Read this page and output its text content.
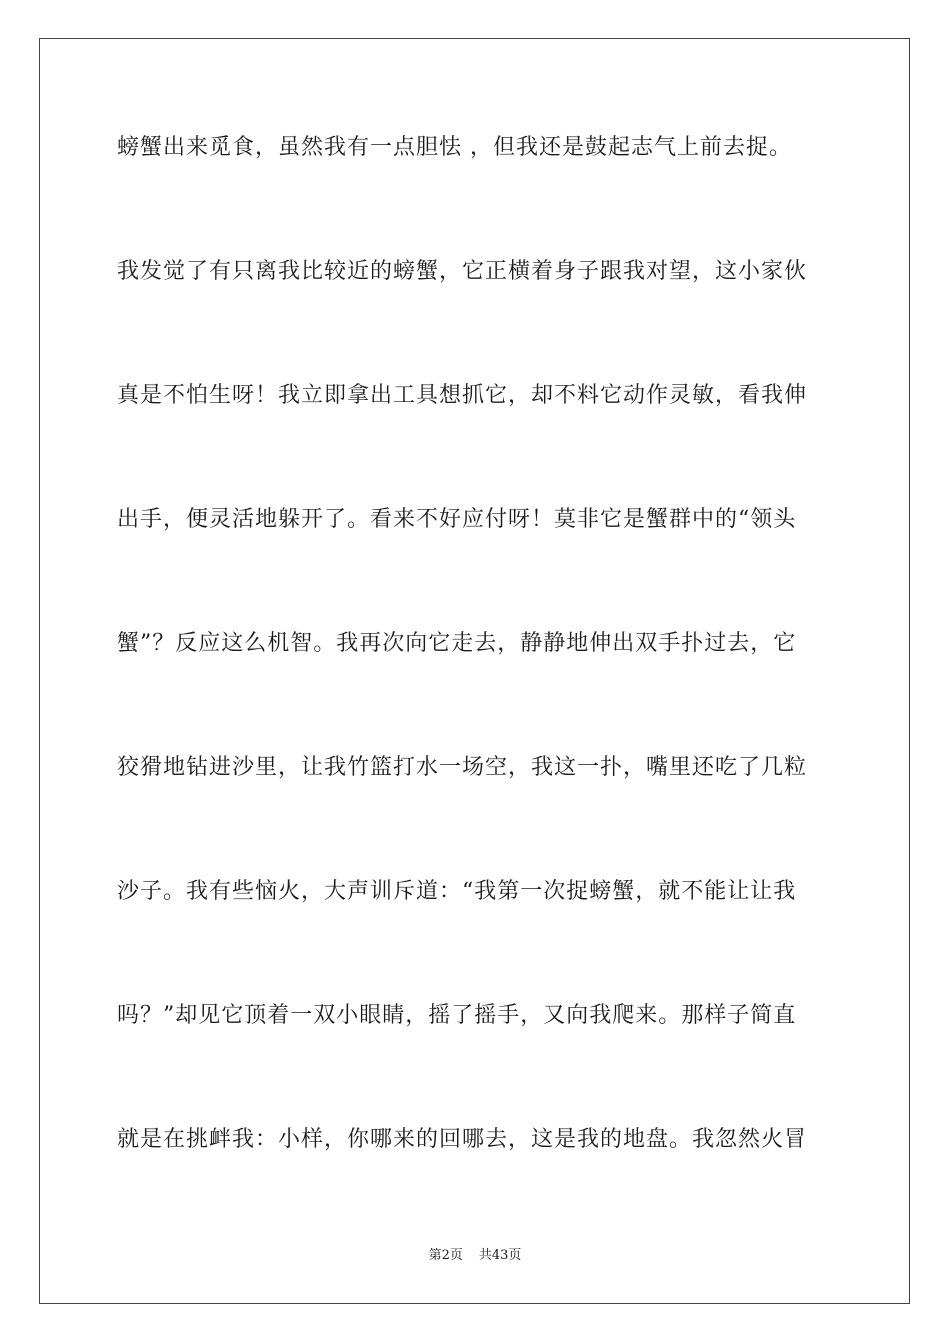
螃蟹出来觅食，虽然我有一点胆怯 ，但我还是鼓起志气上前去捉。
我发觉了有只离我比较近的螃蟹，它正横着身子跟我对望，这小家伙
真是不怕生呀！我立即拿出工具想抓它，却不料它动作灵敏，看我伸
出手，便灵活地躲开了。看来不好应付呀！莫非它是蟹群中的“领头
蟹”？反应这么机智。我再次向它走去，静静地伸出双手扑过去，它
狡猾地钻进沙里，让我竹篮打水一场空，我这一扑，嘴里还吃了几粒
沙子。我有些恼火，大声训斥道：“我第一次捉螃蟹，就不能让让我
吗？”却见它顶着一双小眼睛，摇了摇手，又向我爬来。那样子简直
就是在挑衅我：小样，你哪来的回哪去，这是我的地盘。我忽然火冒
第2页 共43页
